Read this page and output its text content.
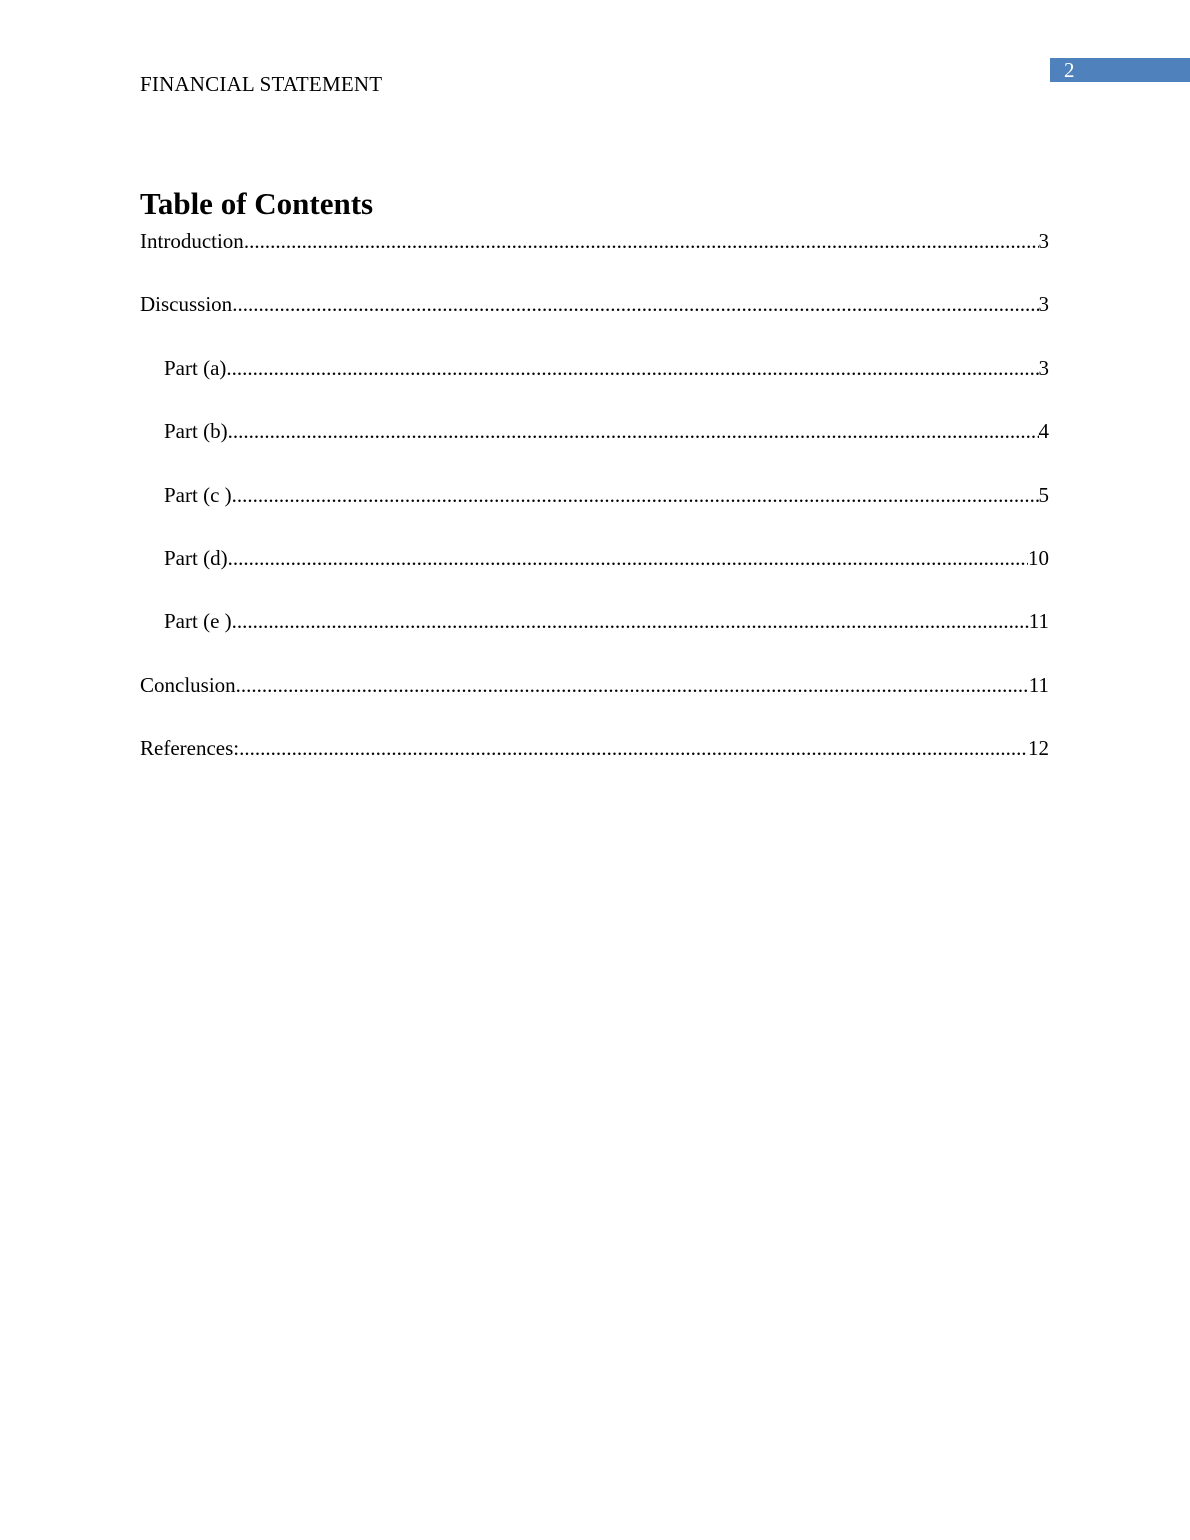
2
FINANCIAL STATEMENT
Table of Contents
Introduction .....	3
Discussion .....	3
Part (a) .....	3
Part (b) .....	4
Part (c ) .....	5
Part (d) .....	10
Part (e ) .....	11
Conclusion .....	11
References: .....	12
